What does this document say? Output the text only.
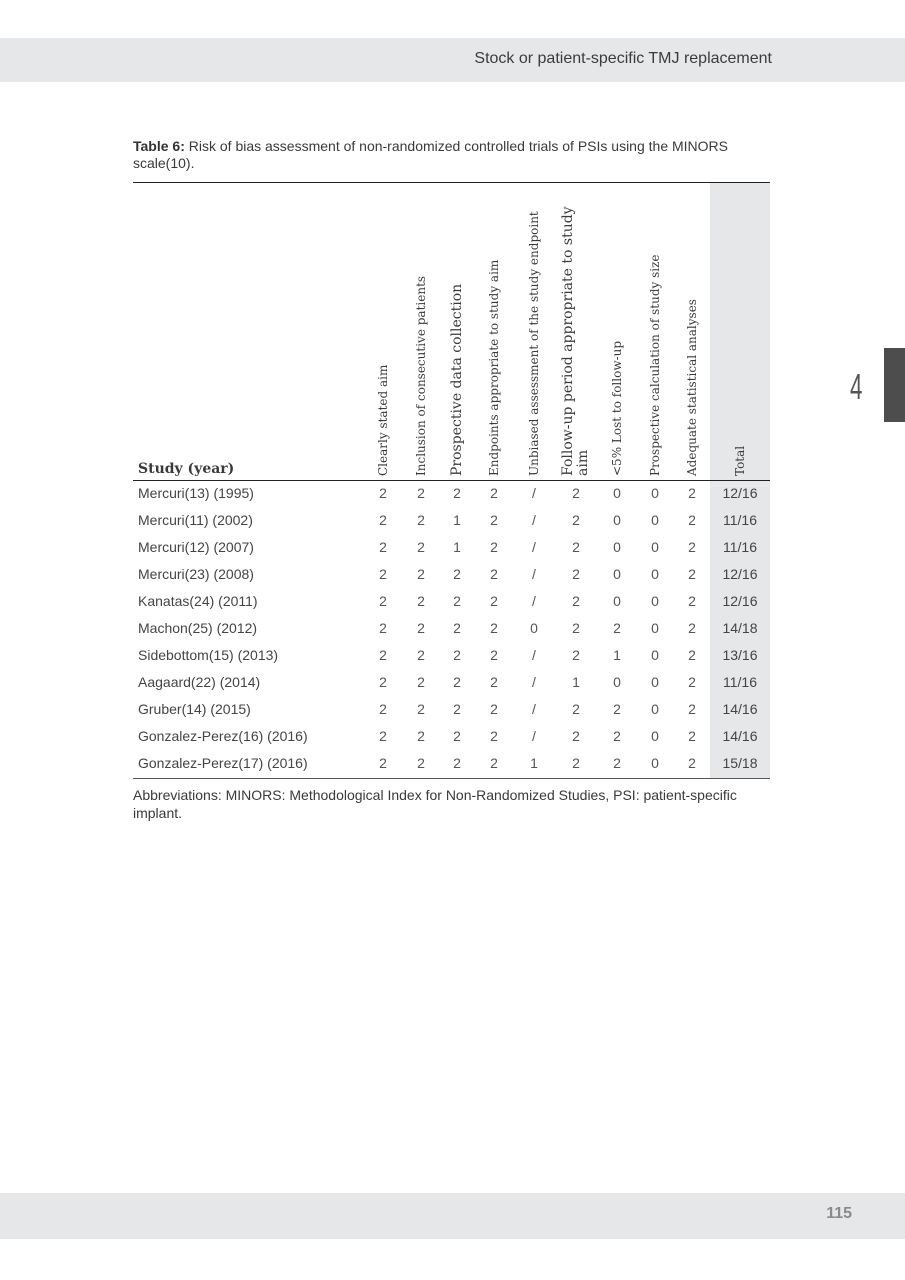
Stock or patient-specific TMJ replacement
4
Table 6: Risk of bias assessment of non-randomized controlled trials of PSIs using the MINORS scale(10).
Study (year)	Clearly stated aim	Inclusion of consecutive patients	Prospective data collection	Endpoints appropriate to study aim	Unbiased assessment of the study endpoint	Follow-up period appropriate to study aim	<5% Lost to follow-up	Prospective calculation of study size	Adequate statistical analyses	Total
Mercuri(13) (1995)	2	2	2	2	/	2	0	0	2	12/16
Mercuri(11) (2002)	2	2	1	2	/	2	0	0	2	11/16
Mercuri(12) (2007)	2	2	1	2	/	2	0	0	2	11/16
Mercuri(23) (2008)	2	2	2	2	/	2	0	0	2	12/16
Kanatas(24) (2011)	2	2	2	2	/	2	0	0	2	12/16
Machon(25) (2012)	2	2	2	2	0	2	2	0	2	14/18
Sidebottom(15) (2013)	2	2	2	2	/	2	1	0	2	13/16
Aagaard(22) (2014)	2	2	2	2	/	1	0	0	2	11/16
Gruber(14) (2015)	2	2	2	2	/	2	2	0	2	14/16
Gonzalez-Perez(16) (2016)	2	2	2	2	/	2	2	0	2	14/16
Gonzalez-Perez(17) (2016)	2	2	2	2	1	2	2	0	2	15/18
Abbreviations: MINORS: Methodological Index for Non-Randomized Studies, PSI: patient-specific implant.
115
